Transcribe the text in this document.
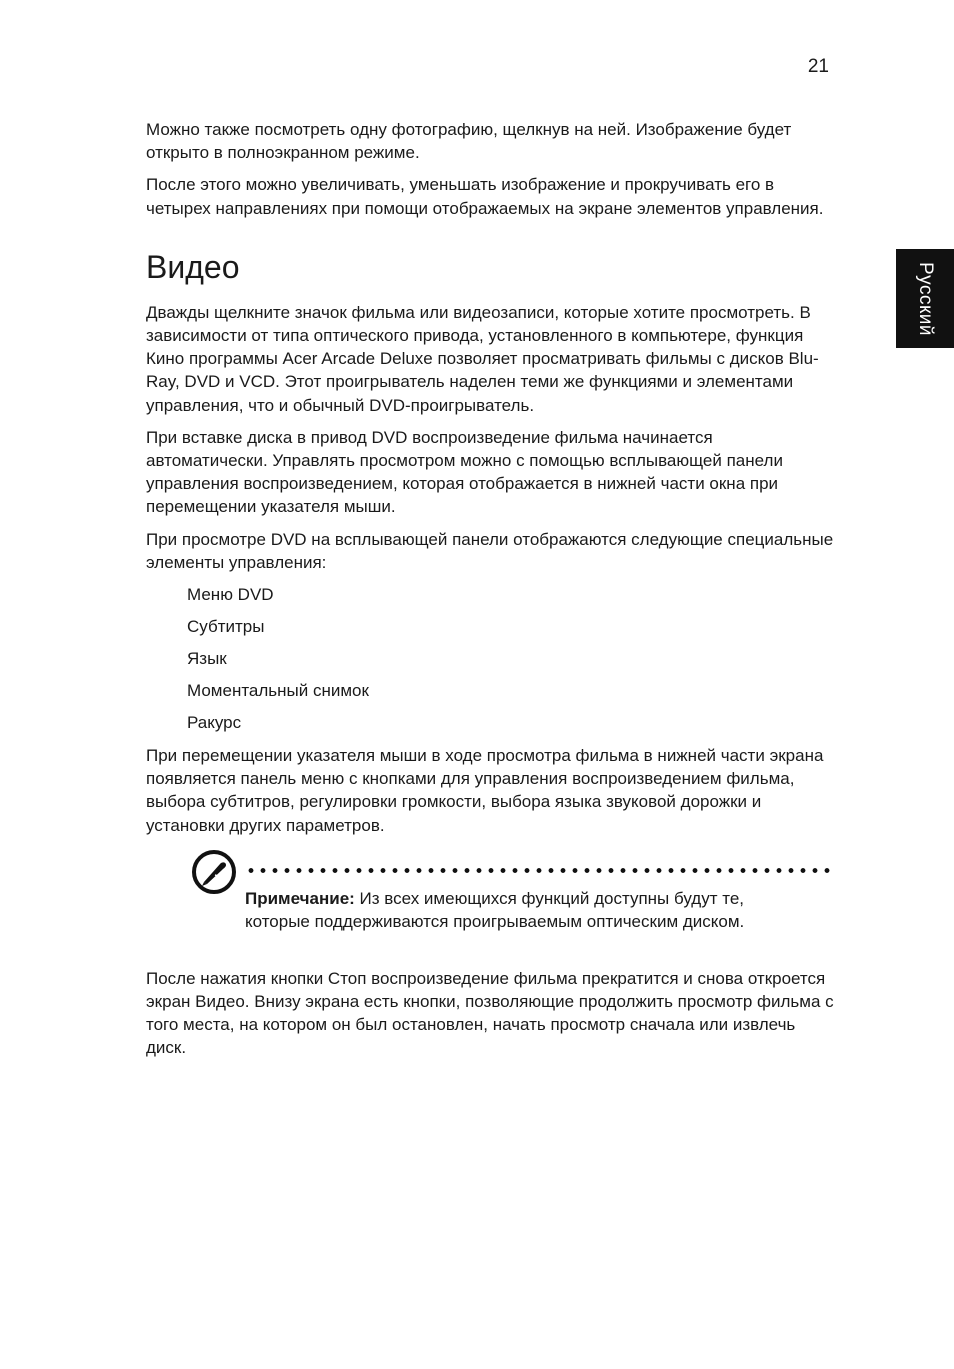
21
Русский

Можно также посмотреть одну фотографию, щелкнув на ней. Изображение будет открыто в полноэкранном режиме.

После этого можно увеличивать, уменьшать изображение и прокручивать его в четырех направлениях при помощи отображаемых на экране элементов управления.

Видео

Дважды щелкните значок фильма или видеозаписи, которые хотите просмотреть. В зависимости от типа оптического привода, установленного в компьютере, функция Кино программы Acer Arcade Deluxe позволяет просматривать фильмы с дисков Blu-Ray, DVD и VCD. Этот проигрыватель наделен теми же функциями и элементами управления, что и обычный DVD-проигрыватель.

При вставке диска в привод DVD воспроизведение фильма начинается автоматически. Управлять просмотром можно с помощью всплывающей панели управления воспроизведением, которая отображается в нижней части окна при перемещении указателя мыши.

При просмотре DVD на всплывающей панели отображаются следующие специальные элементы управления:

Меню DVD
Субтитры
Язык
Моментальный снимок
Ракурс

При перемещении указателя мыши в ходе просмотра фильма в нижней части экрана появляется панель меню с кнопками для управления воспроизведением фильма, выбора субтитров, регулировки громкости, выбора языка звуковой дорожки и установки других параметров.

Примечание: Из всех имеющихся функций доступны будут те, которые поддерживаются проигрываемым оптическим диском.

После нажатия кнопки Стоп воспроизведение фильма прекратится и снова откроется экран Видео. Внизу экрана есть кнопки, позволяющие продолжить просмотр фильма с того места, на котором он был остановлен, начать просмотр сначала или извлечь диск.
